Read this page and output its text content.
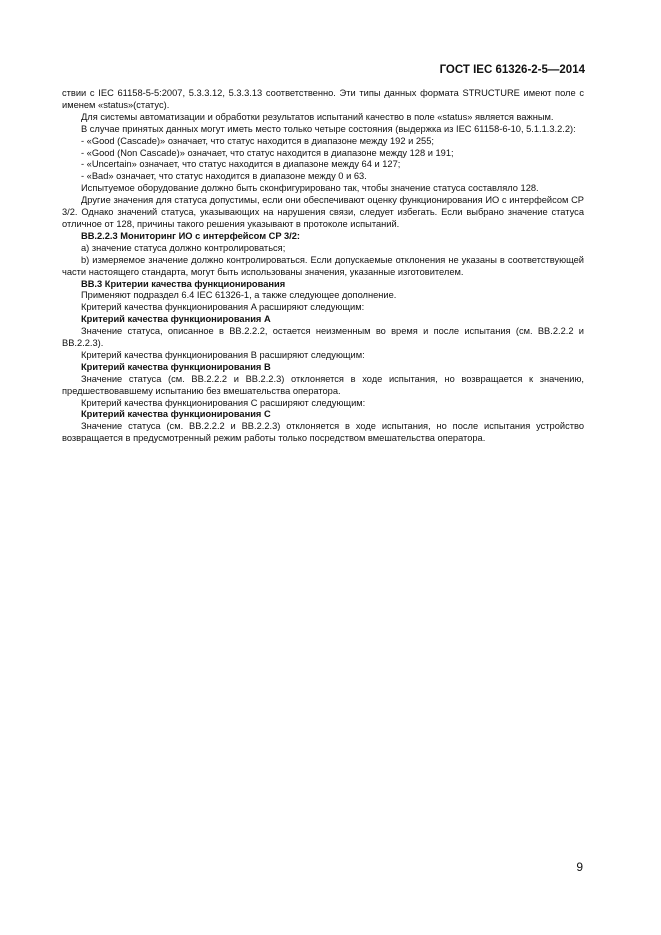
ГОСТ IEC 61326-2-5—2014

ствии с IEC 61158-5-5:2007, 5.3.3.12, 5.3.3.13 соответственно. Эти типы данных формата STRUCTURE имеют поле с именем «status»(статус).

Для системы автоматизации и обработки результатов испытаний качество в поле «status» является важным.

В случае принятых данных могут иметь место только четыре состояния (выдержка из IEC 61158-6-10, 5.1.1.3.2.2):

- «Good (Cascade)» означает, что статус находится в диапазоне между 192 и 255;

- «Good (Non Cascade)» означает, что статус находится в диапазоне между 128 и 191;

- «Uncertain» означает, что статус находится в диапазоне между 64 и 127;

- «Bad» означает, что статус находится в диапазоне между 0 и 63.

Испытуемое оборудование должно быть сконфигурировано так, чтобы значение статуса составляло 128.

Другие значения для статуса допустимы, если они обеспечивают оценку функционирования ИО с интерфейсом CP 3/2. Однако значений статуса, указывающих на нарушения связи, следует избегать. Если выбрано значение статуса отличное от 128, причины такого решения указывают в протоколе испытаний.

BB.2.2.3 Мониторинг ИО с интерфейсом CP 3/2:

a) значение статуса должно контролироваться;

b) измеряемое значение должно контролироваться. Если допускаемые отклонения не указаны в соответствующей части настоящего стандарта, могут быть использованы значения, указанные изготовителем.

BB.3 Критерии качества функционирования

Применяют подраздел 6.4 IEC 61326-1, а также следующее дополнение.

Критерий качества функционирования A расширяют следующим:

Критерий качества функционирования A

Значение статуса, описанное в BB.2.2.2, остается неизменным во время и после испытания (см. BB.2.2.2 и BB.2.2.3).

Критерий качества функционирования B расширяют следующим:

Критерий качества функционирования B

Значение статуса (см. BB.2.2.2 и BB.2.2.3) отклоняется в ходе испытания, но возвращается к значению, предшествовавшему испытанию без вмешательства оператора.

Критерий качества функционирования C расширяют следующим:

Критерий качества функционирования C

Значение статуса (см. BB.2.2.2 и BB.2.2.3) отклоняется в ходе испытания, но после испытания устройство возвращается в предусмотренный режим работы только посредством вмешательства оператора.

9
